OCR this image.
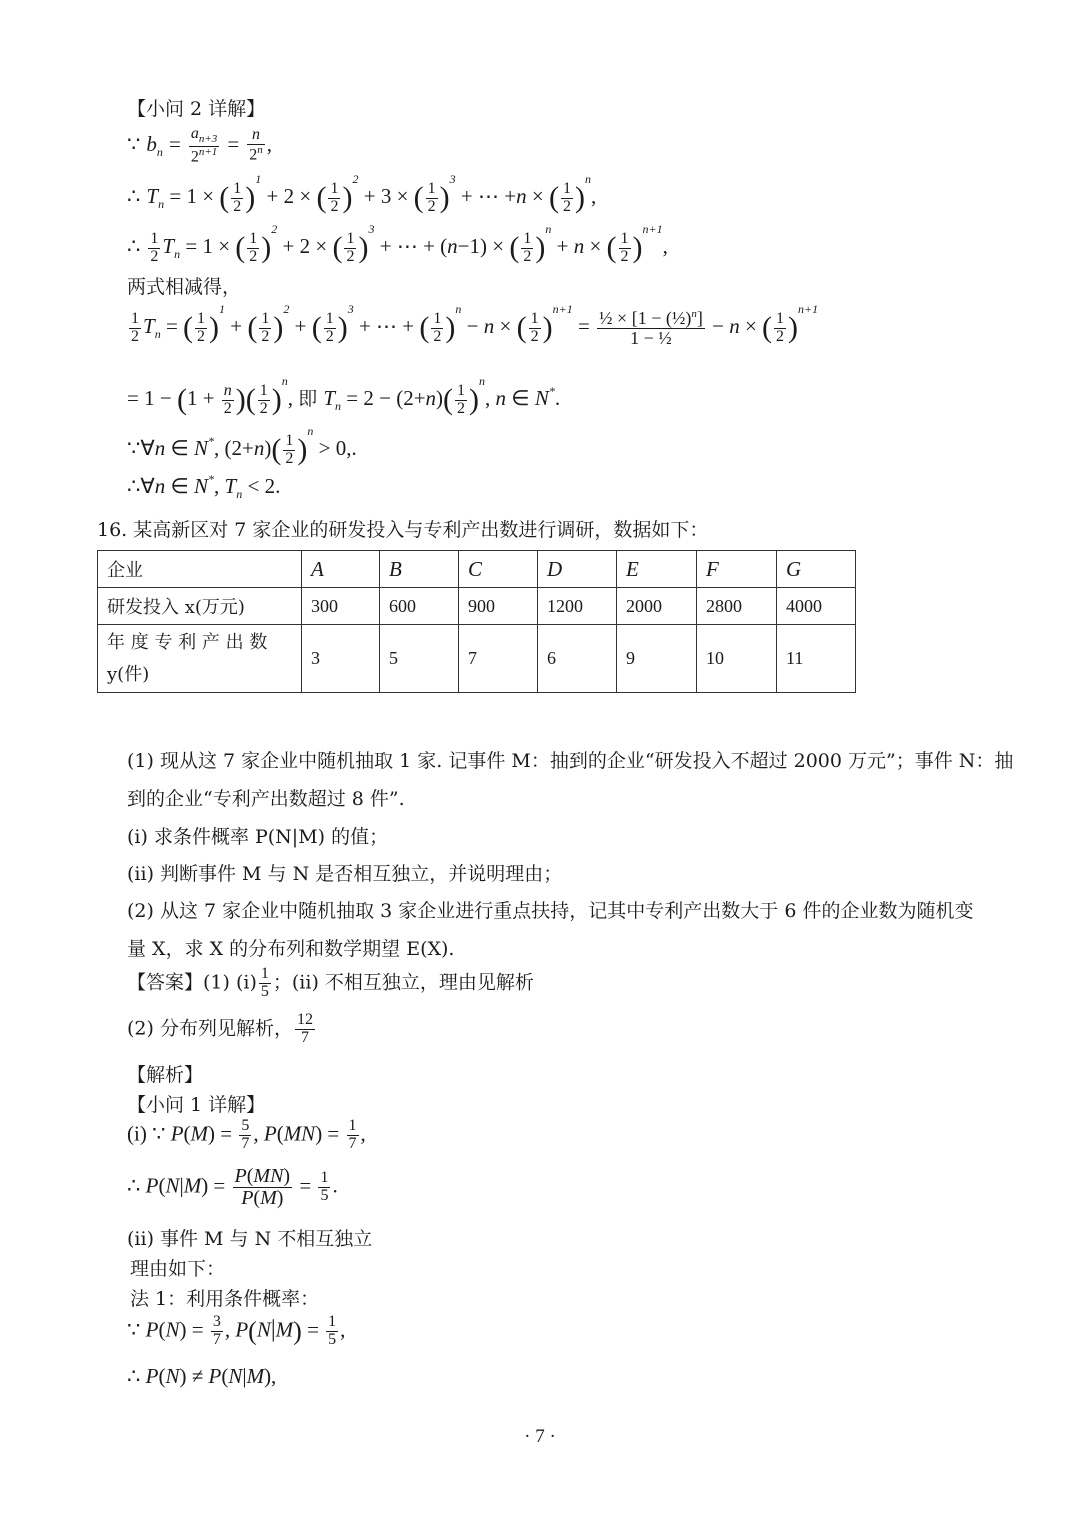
【小问 2 详解】
∵ $b_n = \frac{a_{n+3}}{2^{n+1}} = \frac{n}{2^n}$ ,
∴ $T_n = 1$ × ( $\frac{1}{2} )^1 + 2$ × ( $\frac{1}{2} )^2 + 3$ × ( $\frac{1}{2} )^3$ + ⋯ +n × ( $\frac{1}{2} )^n$,
∴ $\frac{1}{2} T_n = 1$ × ( $\frac{1}{2} )^2 + 2$ × ( $\frac{1}{2} )^3$ + ⋯ + (n−1) × ( $\frac{1}{2} )^n + n$ × ( $\frac{1}{2} )^{n+1}$,
两式相减得，
$\frac{1}{2} T_n$ = ( $\frac{1}{2} )^1$ + ( $\frac{1}{2} )^2$ + ( $\frac{1}{2} )^3$ + ⋯ + ( $\frac{1}{2} )^n - n$ × ( $\frac{1}{2} )^{n+1} = \frac{\frac{1}{2} \times [1 - (\frac{1}{2})^n]}{\text{1 − ½}} - n$ × ( $\frac{1}{2} )^{n+1}$
= $1 - (1 + \frac{n}{2}$ )( $\frac{1}{2} )^n$, 即 $T_n = 2 - (2+n)( \frac{1}{2} )^n$, n ∈ N*.
∵∀n ∈ N*, $(2+n)( \frac{1}{2} )^n > 0$,.
∴∀n ∈ N*, $T_n < 2$.
16. 某高新区对 7 家企业的研发投入与专利产出数进行调研，数据如下：
企业	A	B	C	D	E	F	G
研发投入 x(万元)	300	600	900	1200	2000	2800	4000
年 度 专 利 产 出 数
y(件)	3	5	7	6	9	10	11
(1) 现从这 7 家企业中随机抽取 1 家. 记事件 M：抽到的企业“研发投入不超过 2000 万元”；事件 N：抽
到的企业“专利产出数超过 8 件”.
(i) 求条件概率 P(N|M) 的值；
(ii) 判断事件 M 与 N 是否相互独立，并说明理由；
(2) 从这 7 家企业中随机抽取 3 家企业进行重点扶持，记其中专利产出数大于 6 件的企业数为随机变
量 X，求 X 的分布列和数学期望 E(X).
【答案】(1) $(i) \frac{1}{5}$ ；(ii) 不相互独立，理由见解析
(2) 分布列见解析， $\frac{12}{7}$
【解析】
【小问 1 详解】
(i) ∵ $P(M) = \frac{5}{7}$ , $P(MN) = \frac{1}{7}$ ,
∴ $P(N|M) = \frac{P(MN)}{P(M)} = \frac{1}{5}$ .
(ii) 事件 M 与 N 不相互独立
理由如下：
法 1：利用条件概率：
∵ $P(N) = \frac{3}{7}$ , $P(N|M) = \frac{1}{5}$ ,
∴ P(N) ≠ P(N|M),
· 7 ·
